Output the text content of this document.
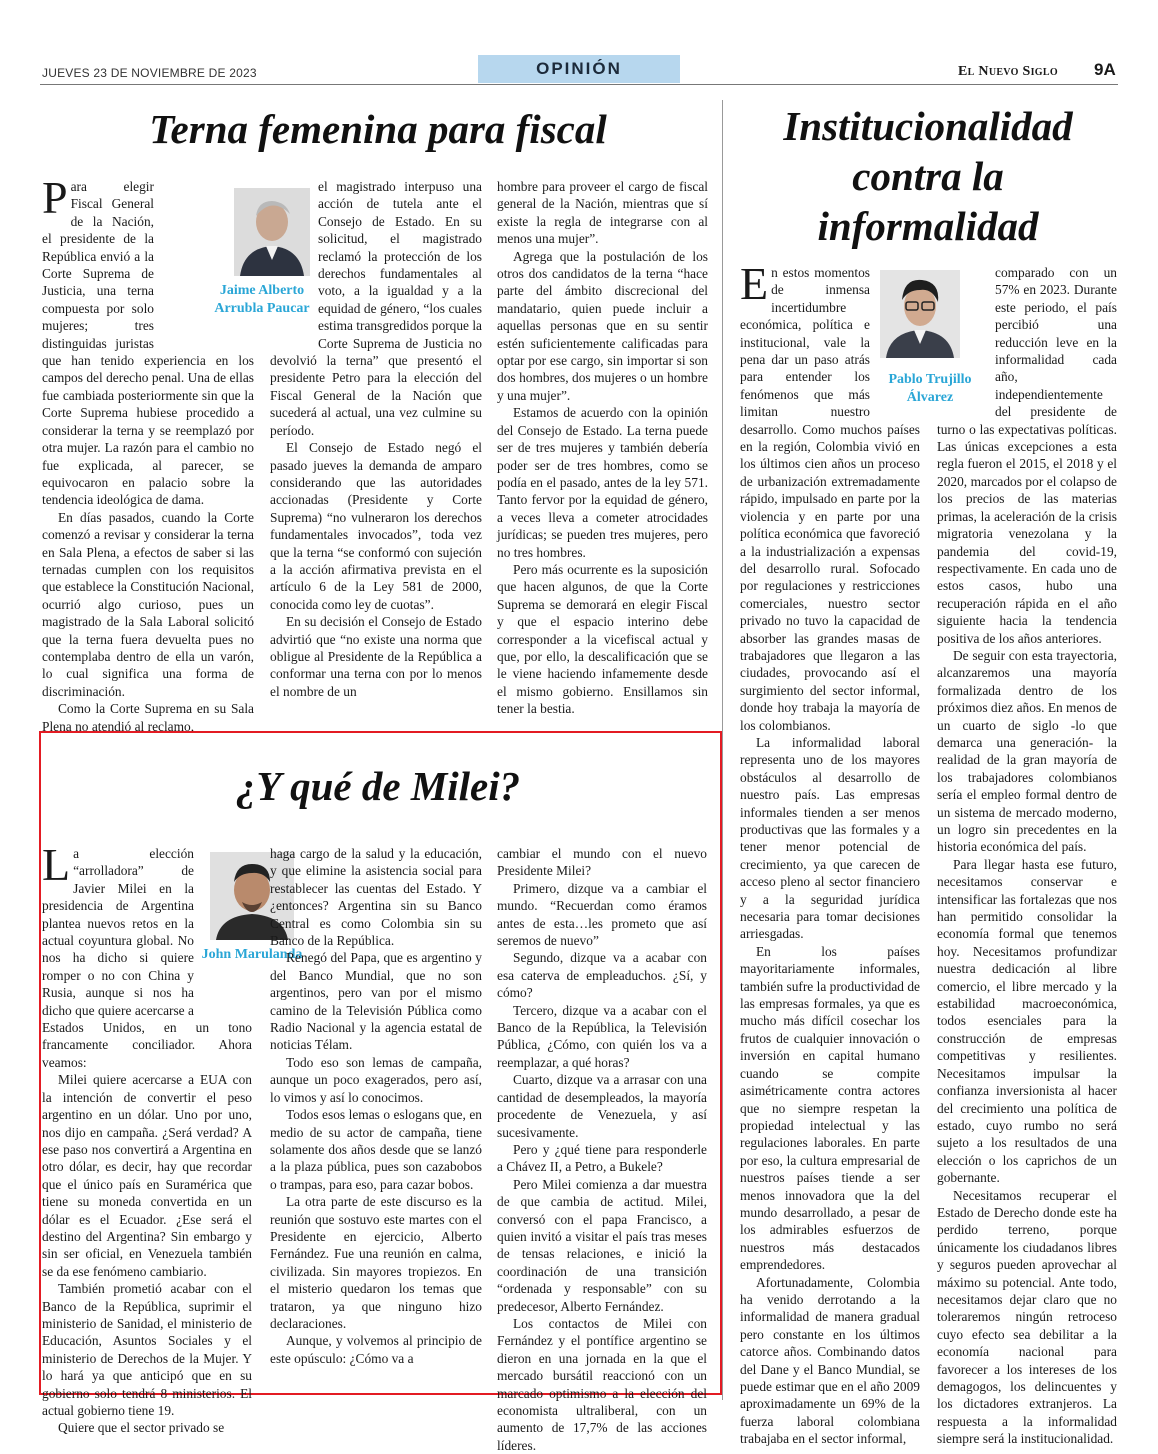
JUEVES 23 DE NOVIEMBRE DE 2023	OPINIÓN	El Nuevo Siglo 9A
Terna femenina para fiscal

Para elegir Fiscal General de la Nación, el presidente de la República envió a la Corte Suprema de Justicia, una terna compuesta por solo mujeres; tres distinguidas juristas que han tenido experiencia en los campos del derecho penal. Una de ellas fue cambiada posteriormente sin que la Corte Suprema hubiese procedido a considerar la terna y se reemplazó por otra mujer. La razón para el cambio no fue explicada, al parecer, se equivocaron en palacio sobre la tendencia ideológica de dama.

En días pasados, cuando la Corte comenzó a revisar y considerar la terna en Sala Plena, a efectos de saber si las ternadas cumplen con los requisitos que establece la Constitución Nacional, ocurrió algo curioso, pues un magistrado de la Sala Laboral solicitó que la terna fuera devuelta pues no contemplaba dentro de ella un varón, lo cual significa una forma de discriminación.

Como la Corte Suprema en su Sala Plena no atendió al reclamo,

Jaime Alberto Arrubla Paucar

el magistrado interpuso una acción de tutela ante el Consejo de Estado. En su solicitud, el magistrado reclamó la protección de los derechos fundamentales al voto, a la igualdad y a la equidad de género, “los cuales estima transgredidos porque la Corte Suprema de Justicia no devolvió la terna” que presentó el presidente Petro para la elección del Fiscal General de la Nación que sucederá al actual, una vez culmine su período.

El Consejo de Estado negó el pasado jueves la demanda de amparo considerando que las autoridades accionadas (Presidente y Corte Suprema) “no vulneraron los derechos fundamentales invocados”, toda vez que la terna “se conformó con sujeción a la acción afirmativa prevista en el artículo 6 de la Ley 581 de 2000, conocida como ley de cuotas”.

En su decisión el Consejo de Estado advirtió que “no existe una norma que obligue al Presidente de la República a conformar una terna con por lo menos el nombre de un

hombre para proveer el cargo de fiscal general de la Nación, mientras que sí existe la regla de integrarse con al menos una mujer”.

Agrega que la postulación de los otros dos candidatos de la terna “hace parte del ámbito discrecional del mandatario, quien puede incluir a aquellas personas que en su sentir estén suficientemente calificadas para optar por ese cargo, sin importar si son dos hombres, dos mujeres o un hombre y una mujer”.

Estamos de acuerdo con la opinión del Consejo de Estado. La terna puede ser de tres mujeres y también debería poder ser de tres hombres, como se podía en el pasado, antes de la ley 571. Tanto fervor por la equidad de género, a veces lleva a cometer atrocidades jurídicas; se pueden tres mujeres, pero no tres hombres.

Pero más ocurrente es la suposición que hacen algunos, de que la Corte Suprema se demorará en elegir Fiscal y que el espacio interino debe corresponder a la vicefiscal actual y que, por ello, la descalificación que se le viene haciendo infamemente desde el mismo gobierno. Ensillamos sin tener la bestia.

Institucionalidad contra la informalidad

En estos momentos de inmensa incertidumbre económica, política e institucional, vale la pena dar un paso atrás para entender los fenómenos que más limitan nuestro desarrollo. Como muchos países en la región, Colombia vivió en los últimos cien años un proceso de urbanización extremadamente rápido, impulsado en parte por la violencia y en parte por una política económica que favoreció a la industrialización a expensas del desarrollo rural. Sofocado por regulaciones y restricciones comerciales, nuestro sector privado no tuvo la capacidad de absorber las grandes masas de trabajadores que llegaron a las ciudades, provocando así el surgimiento del sector informal, donde hoy trabaja la mayoría de los colombianos.

La informalidad laboral representa uno de los mayores obstáculos al desarrollo de nuestro país. Las empresas informales tienden a ser menos productivas que las formales y a tener menor potencial de crecimiento, ya que carecen de acceso pleno al sector financiero y a la seguridad jurídica necesaria para tomar decisiones arriesgadas.

En los países mayoritariamente informales, también sufre la productividad de las empresas formales, ya que es mucho más difícil cosechar los frutos de cualquier innovación o inversión en capital humano cuando se compite asimétricamente contra actores que no siempre respetan la propiedad intelectual y las regulaciones laborales. En parte por eso, la cultura empresarial de nuestros países tiende a ser menos innovadora que la del mundo desarrollado, a pesar de los admirables esfuerzos de nuestros más destacados emprendedores.

Afortunadamente, Colombia ha venido derrotando a la informalidad de manera gradual pero constante en los últimos catorce años. Combinando datos del Dane y el Banco Mundial, se puede estimar que en el año 2009 aproximadamente un 69% de la fuerza laboral colombiana trabajaba en el sector informal,

Pablo Trujillo Álvarez

comparado con un 57% en 2023. Durante este periodo, el país percibió una reducción leve en la informalidad cada año, independientemente del presidente de turno o las expectativas políticas. Las únicas excepciones a esta regla fueron el 2015, el 2018 y el 2020, marcados por el colapso de los precios de las materias primas, la aceleración de la crisis migratoria venezolana y la pandemia del covid-19, respectivamente. En cada uno de estos casos, hubo una recuperación rápida en el año siguiente hacia la tendencia positiva de los años anteriores.

De seguir con esta trayectoria, alcanzaremos una mayoría formalizada dentro de los próximos diez años. En menos de un cuarto de siglo -lo que demarca una generación- la realidad de la gran mayoría de los trabajadores colombianos sería el empleo formal dentro de un sistema de mercado moderno, un logro sin precedentes en la historia económica del país.

Para llegar hasta ese futuro, necesitamos conservar e intensificar las fortalezas que nos han permitido consolidar la economía formal que tenemos hoy. Necesitamos profundizar nuestra dedicación al libre comercio, el libre mercado y la estabilidad macroeconómica, todos esenciales para la construcción de empresas competitivas y resilientes. Necesitamos impulsar la confianza inversionista al hacer del crecimiento una política de estado, cuyo rumbo no será sujeto a los resultados de una elección o los caprichos de un gobernante.

Necesitamos recuperar el Estado de Derecho donde este ha perdido terreno, porque únicamente los ciudadanos libres y seguros pueden aprovechar al máximo su potencial. Ante todo, necesitamos dejar claro que no toleraremos ningún retroceso cuyo efecto sea debilitar a la economía nacional para favorecer a los intereses de los demagogos, los delincuentes y los dictadores extranjeros. La respuesta a la informalidad siempre será la institucionalidad.

¿Y qué de Milei?

La elección “arrolladora” de Javier Milei en la presidencia de Argentina plantea nuevos retos en la actual coyuntura global. No nos ha dicho si quiere romper o no con China y Rusia, aunque si nos ha dicho que quiere acercarse a Estados Unidos, en un tono francamente conciliador. Ahora veamos:

Milei quiere acercarse a EUA con la intención de convertir el peso argentino en un dólar. Uno por uno, nos dijo en campaña. ¿Será verdad? A ese paso nos convertirá a Argentina en otro dólar, es decir, hay que recordar que el único país en Suramérica que tiene su moneda convertida en un dólar es el Ecuador. ¿Ese será el destino del Argentina? Sin embargo y sin ser oficial, en Venezuela también se da ese fenómeno cambiario.

También prometió acabar con el Banco de la República, suprimir el ministerio de Sanidad, el ministerio de Educación, Asuntos Sociales y el ministerio de Derechos de la Mujer. Y lo hará ya que anticipó que en su gobierno solo tendrá 8 ministerios. El actual gobierno tiene 19.

Quiere que el sector privado se

John Marulanda

haga cargo de la salud y la educación, y que elimine la asistencia social para restablecer las cuentas del Estado. Y ¿entonces? Argentina sin su Banco Central es como Colombia sin su Banco de la República.

Renegó del Papa, que es argentino y del Banco Mundial, que no son argentinos, pero van por el mismo camino de la Televisión Pública como Radio Nacional y la agencia estatal de noticias Télam.

Todo eso son lemas de campaña, aunque un poco exagerados, pero así, lo vimos y así lo conocimos.

Todos esos lemas o eslogans que, en medio de su actor de campaña, tiene solamente dos años desde que se lanzó a la plaza pública, pues son cazabobos o trampas, para eso, para cazar bobos.

La otra parte de este discurso es la reunión que sostuvo este martes con el Presidente en ejercicio, Alberto Fernández. Fue una reunión en calma, civilizada. Sin mayores tropiezos. En el misterio quedaron los temas que trataron, ya que ninguno hizo declaraciones.

Aunque, y volvemos al principio de este opúsculo: ¿Cómo va a

cambiar el mundo con el nuevo Presidente Milei?

Primero, dizque va a cambiar el mundo. “Recuerdan como éramos antes de esta…les prometo que así seremos de nuevo”

Segundo, dizque va a acabar con esa caterva de empleaduchos. ¿Sí, y cómo?

Tercero, dizque va a acabar con el Banco de la República, la Televisión Pública, ¿Cómo, con quién los va a reemplazar, a qué horas?

Cuarto, dizque va a arrasar con una cantidad de desempleados, la mayoría procedente de Venezuela, y así sucesivamente.

Pero y ¿qué tiene para responderle a Chávez II, a Petro, a Bukele?

Pero Milei comienza a dar muestra de que cambia de actitud. Milei, conversó con el papa Francisco, a quien invitó a visitar el país tras meses de tensas relaciones, e inició la coordinación de una transición “ordenada y responsable” con su predecesor, Alberto Fernández.

Los contactos de Milei con Fernández y el pontífice argentino se dieron en una jornada en la que el mercado bursátil reaccionó con un marcado optimismo a la elección del economista ultraliberal, con un aumento de 17,7% de las acciones líderes.
